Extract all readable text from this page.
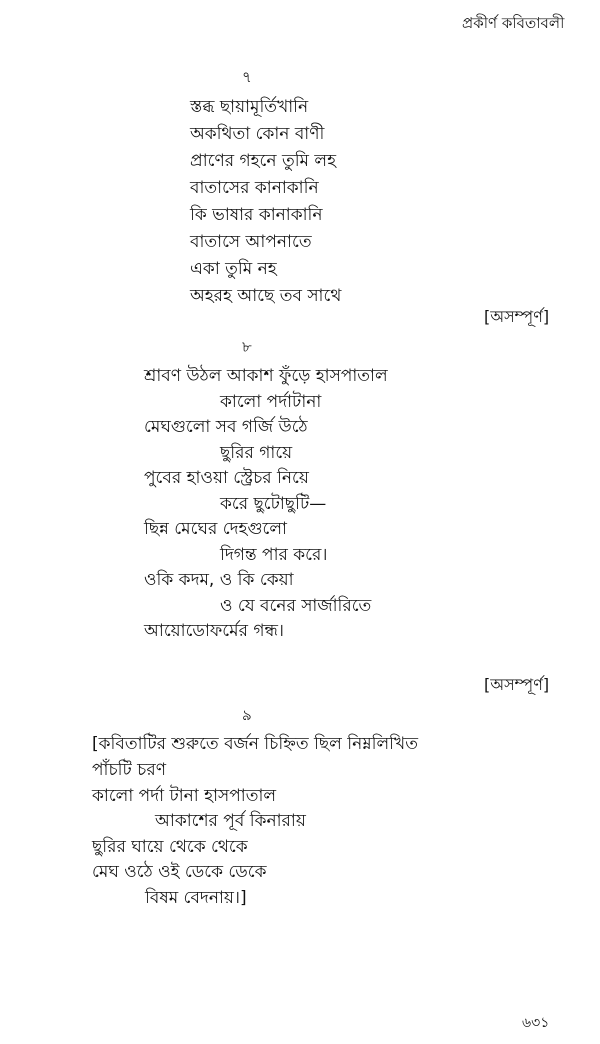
প্রকীর্ণ কবিতাবলী
৭
স্তব্ধ ছায়ামূর্তিখানি
অকথিতা কোন বাণী
প্রাণের গহনে তুমি লহ
বাতাসের কানাকানি
কি ভাষার কানাকানি
বাতাসে আপনাতে
একা তুমি নহ
অহরহ আছে তব সাথে
[অসম্পূর্ণ]
৮
শ্রাবণ উঠল আকাশ ফুঁড়ে হাসপাতাল
কালো পর্দাটানা
মেঘগুলো সব গর্জি উঠে
ছুরির গায়ে
পুবের হাওয়া স্ট্রেচর নিয়ে
করে ছুটোছুটি—
ছিন্ন মেঘের দেহগুলো
দিগন্ত পার করে।
ওকি কদম, ও কি কেয়া
ও যে বনের সার্জারিতে
আয়োডোফর্মের গন্ধ।
[অসম্পূর্ণ]
৯
[কবিতাটির শুরুতে বর্জন চিহ্নিত ছিল নিম্নলিখিত
পাঁচটি চরণ
কালো পর্দা টানা হাসপাতাল
আকাশের পূর্ব কিনারায়
ছুরির ঘায়ে থেকে থেকে
মেঘ ওঠে ওই ডেকে ডেকে
বিষম বেদনায়।]
৬৩১
